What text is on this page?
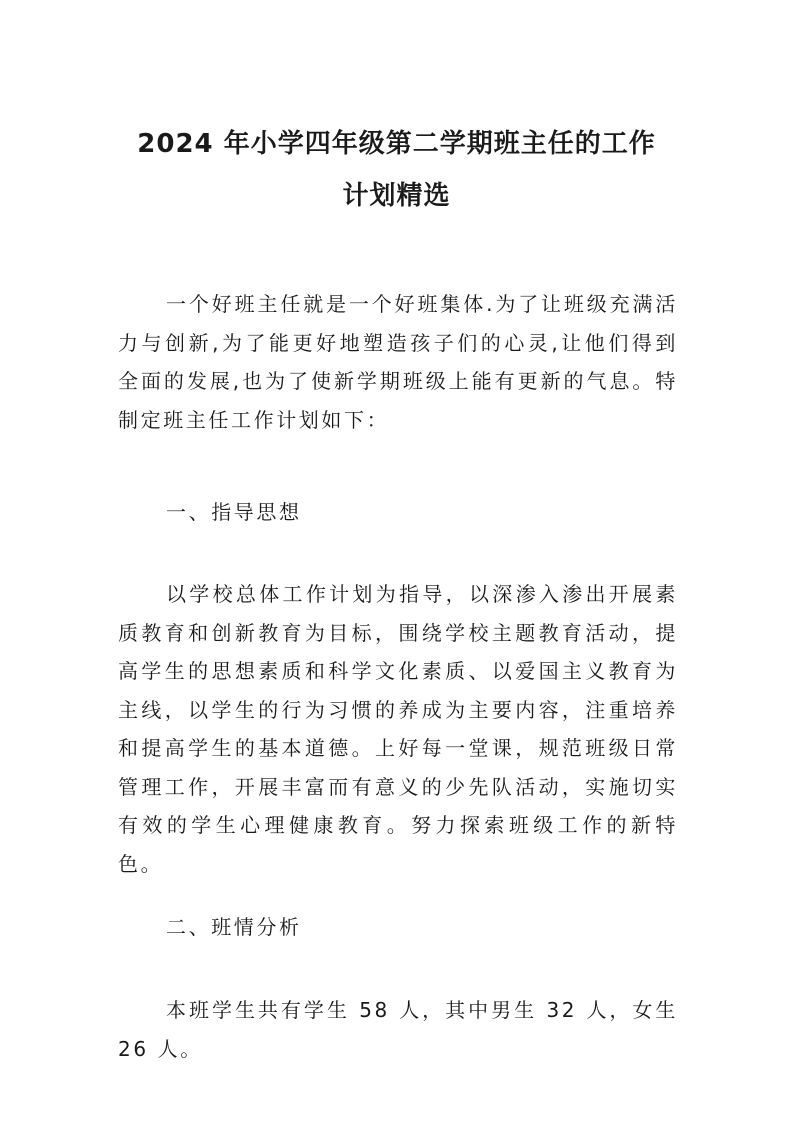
2024 年小学四年级第二学期班主任的工作
计划精选

一个好班主任就是一个好班集体.为了让班级充满活力与创新,为了能更好地塑造孩子们的心灵,让他们得到全面的发展,也为了使新学期班级上能有更新的气息。特制定班主任工作计划如下：

一、指导思想

以学校总体工作计划为指导，以深渗入渗出开展素质教育和创新教育为目标，围绕学校主题教育活动，提高学生的思想素质和科学文化素质、以爱国主义教育为主线，以学生的行为习惯的养成为主要内容，注重培养和提高学生的基本道德。上好每一堂课，规范班级日常管理工作，开展丰富而有意义的少先队活动，实施切实有效的学生心理健康教育。努力探索班级工作的新特色。

二、班情分析

本班学生共有学生 58 人，其中男生 32 人，女生 26 人。
